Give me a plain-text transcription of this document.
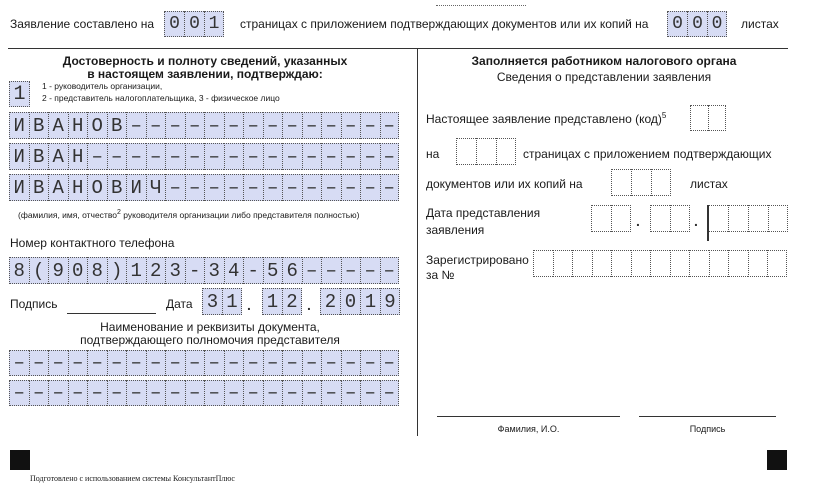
Заявление составлено на 0 0 1	страницах с приложением подтверждающих документов или их копий на 0 0 0	листах
Достоверность и полноту сведений, указанных
в настоящем заявлении, подтверждаю:
1	1 - руководитель организации,
2 - представитель налогоплательщика, 3 - физическое лицо
И В А Н О В – – – – – – – – – – – – – –
И В А Н – – – – – – – – – – – – – – – –
И В А Н О В И Ч – – – – – – – – – – – –
(фамилия, имя, отчество$^2$ руководителя организации либо представителя полностью)
Номер контактного телефона
8 ( 9 0 8 ) 1 2 3 - 3 4 - 5 6 – – – – –
Подпись	Дата 3 1 . 1 2 . 2 0 1 9
Наименование и реквизиты документа,
подтверждающего полномочия представителя
– – – – – – – – – – – – – – – – – – – –
– – – – – – – – – – – – – – – – – – – –
Заполняется работником налогового органа
Сведения о представлении заявления
Настоящее заявление представлено (код)$^5$
на	страницах с приложением подтверждающих
документов или их копий на	листах
Дата представления
заявления
.	.
Зарегистрировано
за №
Фамилия, И.О.	Подпись
Подготовлено с использованием системы КонсультантПлюс
